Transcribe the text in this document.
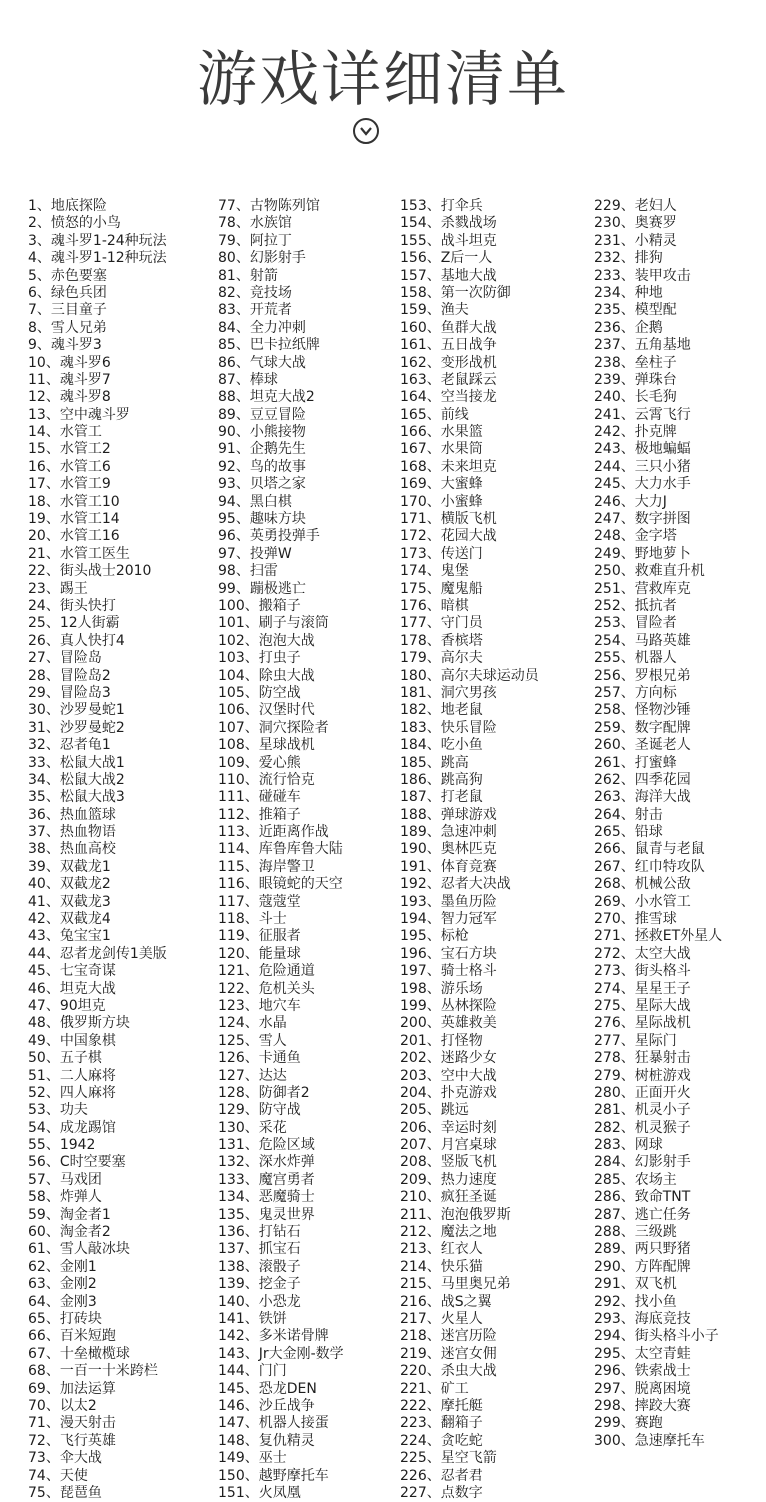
游戏详细清单
1、地底探险
2、愤怒的小鸟
3、魂斗罗1-24种玩法
4、魂斗罗1-12种玩法
5、赤色要塞
6、绿色兵团
7、三目童子
8、雪人兄弟
9、魂斗罗3
10、魂斗罗6
11、魂斗罗7
12、魂斗罗8
13、空中魂斗罗
14、水管工
15、水管工2
16、水管工6
17、水管工9
18、水管工10
19、水管工14
20、水管工16
21、水管工医生
22、街头战士2010
23、踢王
24、街头快打
25、12人街霸
26、真人快打4
27、冒险岛
28、冒险岛2
29、冒险岛3
30、沙罗曼蛇1
31、沙罗曼蛇2
32、忍者龟1
33、松鼠大战1
34、松鼠大战2
35、松鼠大战3
36、热血篮球
37、热血物语
38、热血高校
39、双截龙1
40、双截龙2
41、双截龙3
42、双截龙4
43、兔宝宝1
44、忍者龙剑传1美版
45、七宝奇谋
46、坦克大战
47、90坦克
48、俄罗斯方块
49、中国象棋
50、五子棋
51、二人麻将
52、四人麻将
53、功夫
54、成龙踢馆
55、1942
56、C时空要塞
57、马戏团
58、炸弹人
59、淘金者1
60、淘金者2
61、雪人敲冰块
62、金刚1
63、金刚2
64、金刚3
65、打砖块
66、百米短跑
67、十垒橄榄球
68、一百一十米跨栏
69、加法运算
70、以太2
71、漫天射击
72、飞行英雄
73、伞大战
74、天使
75、琵琶鱼
77、古物陈列馆
78、水族馆
79、阿拉丁
80、幻影射手
81、射箭
82、竞技场
83、开荒者
84、全力冲刺
85、巴卡拉纸牌
86、气球大战
87、棒球
88、坦克大战2
89、豆豆冒险
90、小熊接物
91、企鹅先生
92、鸟的故事
93、贝塔之家
94、黑白棋
95、趣味方块
96、英勇投弹手
97、投弹W
98、扫雷
99、蹦极逃亡
100、搬箱子
101、刷子与滚筒
102、泡泡大战
103、打虫子
104、除虫大战
105、防空战
106、汉堡时代
107、洞穴探险者
108、星球战机
109、爱心熊
110、流行恰克
111、碰碰车
112、推箱子
113、近距离作战
114、库鲁库鲁大陆
115、海岸警卫
116、眼镜蛇的天空
117、蔻蔻堂
118、斗士
119、征服者
120、能量球
121、危险通道
122、危机关头
123、地穴车
124、水晶
125、雪人
126、卡通鱼
127、达达
128、防御者2
129、防守战
130、采花
131、危险区域
132、深水炸弹
133、魔宫勇者
134、恶魔骑士
135、鬼灵世界
136、打钻石
137、抓宝石
138、滚骰子
139、挖金子
140、小恐龙
141、铁饼
142、多米诺骨牌
143、Jr大金刚-数学
144、门门
145、恐龙DEN
146、沙丘战争
147、机器人接蛋
148、复仇精灵
149、巫士
150、越野摩托车
151、火凤凰
153、打伞兵
154、杀戮战场
155、战斗坦克
156、Z后一人
157、基地大战
158、第一次防御
159、渔夫
160、鱼群大战
161、五日战争
162、变形战机
163、老鼠踩云
164、空当接龙
165、前线
166、水果篮
167、水果筒
168、未来坦克
169、大蜜蜂
170、小蜜蜂
171、横版飞机
172、花园大战
173、传送门
174、鬼堡
175、魔鬼船
176、暗棋
177、守门员
178、香槟塔
179、高尔夫
180、高尔夫球运动员
181、洞穴男孩
182、地老鼠
183、快乐冒险
184、吃小鱼
185、跳高
186、跳高狗
187、打老鼠
188、弹球游戏
189、急速冲刺
190、奥林匹克
191、体育竞赛
192、忍者大决战
193、墨鱼历险
194、智力冠军
195、标枪
196、宝石方块
197、骑士格斗
198、游乐场
199、丛林探险
200、英雄救美
201、打怪物
202、迷路少女
203、空中大战
204、扑克游戏
205、跳远
206、幸运时刻
207、月宫桌球
208、竖版飞机
209、热力速度
210、疯狂圣诞
211、泡泡俄罗斯
212、魔法之地
213、红衣人
214、快乐猫
215、马里奥兄弟
216、战S之翼
217、火星人
218、迷宫历险
219、迷宫女佣
220、杀虫大战
221、矿工
222、摩托艇
223、翻箱子
224、贪吃蛇
225、星空飞箭
226、忍者君
227、点数字
229、老妇人
230、奥赛罗
231、小精灵
232、排狗
233、装甲攻击
234、种地
235、模型配
236、企鹅
237、五角基地
238、垒柱子
239、弹珠台
240、长毛狗
241、云霄飞行
242、扑克牌
243、极地蝙蝠
244、三只小猪
245、大力水手
246、大力J
247、数字拼图
248、金字塔
249、野地萝卜
250、救难直升机
251、营救库克
252、抵抗者
253、冒险者
254、马路英雄
255、机器人
256、罗根兄弟
257、方向标
258、怪物沙锤
259、数字配牌
260、圣诞老人
261、打蜜蜂
262、四季花园
263、海洋大战
264、射击
265、铅球
266、鼠青与老鼠
267、红巾特攻队
268、机械公敌
269、小水管工
270、推雪球
271、拯救ET外星人
272、太空大战
273、街头格斗
274、星星王子
275、星际大战
276、星际战机
277、星际门
278、狂暴射击
279、树桩游戏
280、正面开火
281、机灵小子
282、机灵猴子
283、网球
284、幻影射手
285、农场主
286、致命TNT
287、逃亡任务
288、三级跳
289、两只野猪
290、方阵配牌
291、双飞机
292、找小鱼
293、海底竞技
294、街头格斗小子
295、太空青蛙
296、铁索战士
297、脱离困境
298、摔跤大赛
299、赛跑
300、急速摩托车
